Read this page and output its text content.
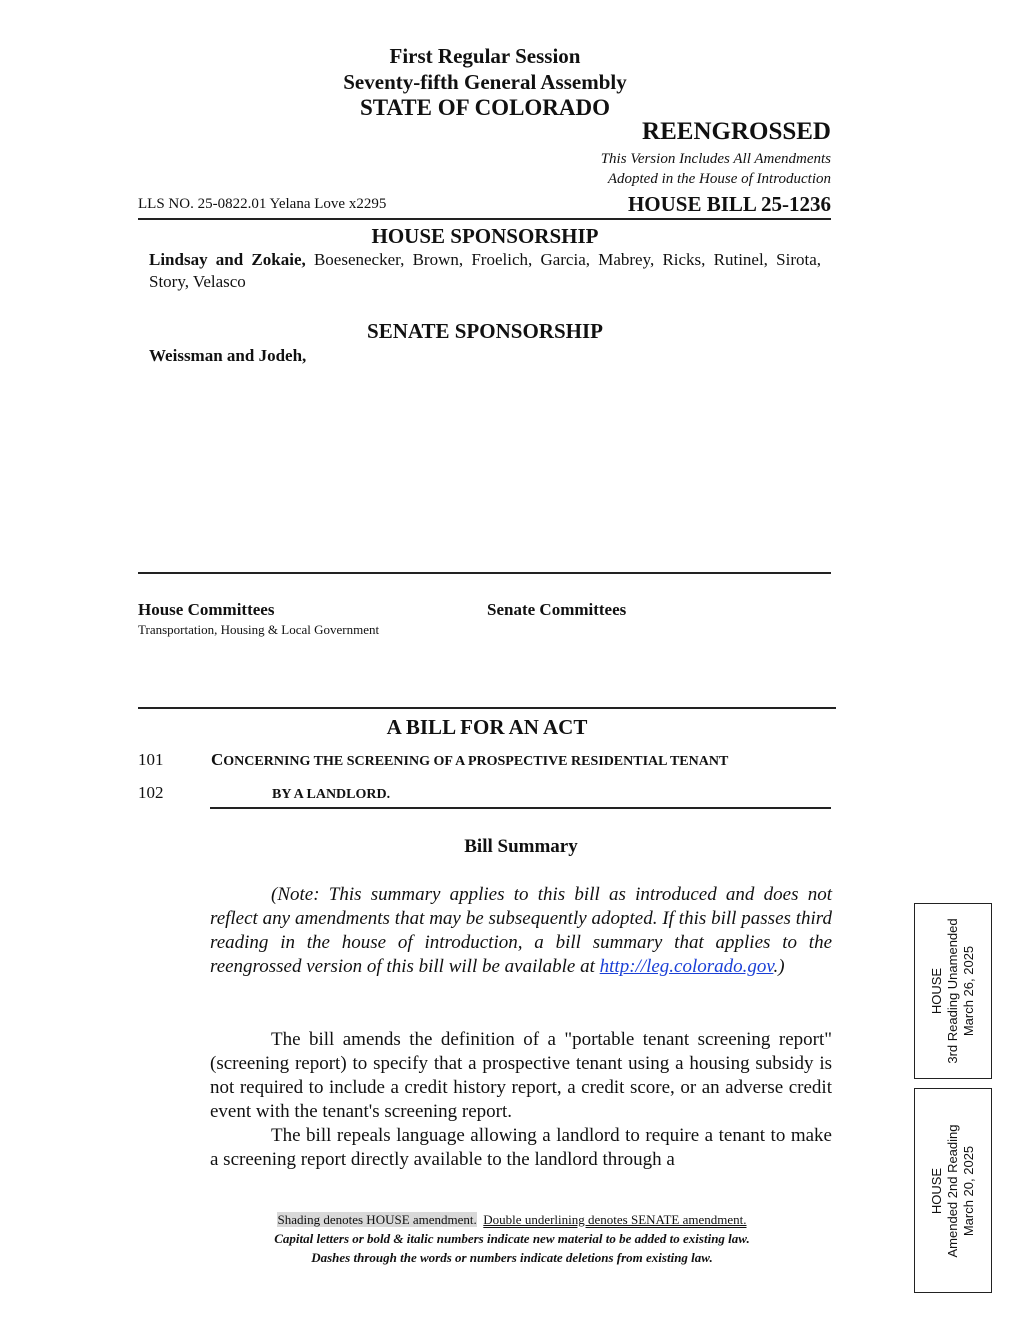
First Regular Session
Seventy-fifth General Assembly
STATE OF COLORADO
REENGROSSED
This Version Includes All Amendments
Adopted in the House of Introduction
LLS NO. 25-0822.01 Yelana Love x2295	HOUSE BILL 25-1236
HOUSE SPONSORSHIP
Lindsay and Zokaie, Boesenecker, Brown, Froelich, Garcia, Mabrey, Ricks, Rutinel, Sirota, Story, Velasco
SENATE SPONSORSHIP
Weissman and Jodeh,
House Committees
Transportation, Housing & Local Government
Senate Committees
A BILL FOR AN ACT
101	CONCERNING THE SCREENING OF A PROSPECTIVE RESIDENTIAL TENANT
102	BY A LANDLORD.
Bill Summary
(Note: This summary applies to this bill as introduced and does not reflect any amendments that may be subsequently adopted. If this bill passes third reading in the house of introduction, a bill summary that applies to the reengrossed version of this bill will be available at http://leg.colorado.gov.)
The bill amends the definition of a "portable tenant screening report" (screening report) to specify that a prospective tenant using a housing subsidy is not required to include a credit history report, a credit score, or an adverse credit event with the tenant's screening report.
The bill repeals language allowing a landlord to require a tenant to make a screening report directly available to the landlord through a
Shading denotes HOUSE amendment. Double underlining denotes SENATE amendment.
Capital letters or bold & italic numbers indicate new material to be added to existing law.
Dashes through the words or numbers indicate deletions from existing law.
HOUSE 3rd Reading Unamended March 26, 2025
HOUSE Amended 2nd Reading March 20, 2025
